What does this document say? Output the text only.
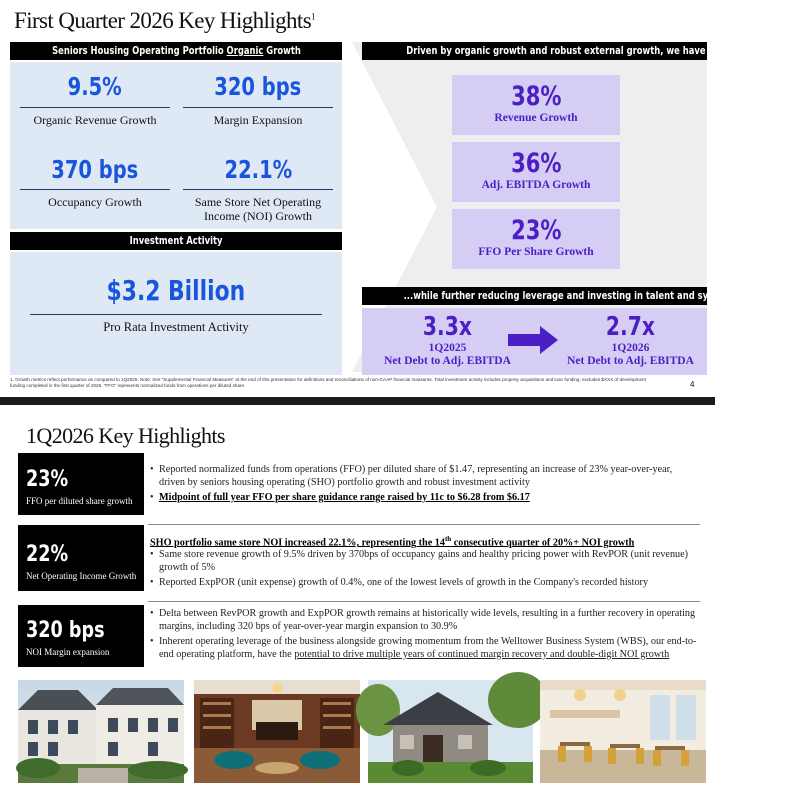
First Quarter 2026 Key Highlights$^1$
Seniors Housing Operating Portfolio Organic Growth
9.5%
Organic Revenue Growth
320 bps
Margin Expansion
370 bps
Occupancy Growth
22.1%
Same Store Net Operating Income (NOI) Growth
Investment Activity
$3.2 Billion
Pro Rata Investment Activity
Driven by organic growth and robust external growth, we have achieved...
38%
Revenue Growth
36%
Adj. EBITDA Growth
23%
FFO Per Share Growth
...while further reducing leverage and investing in talent and systems
3.3x
1Q2025
Net Debt to Adj. EBITDA
2.7x
1Q2026
Net Debt to Adj. EBITDA
1. Growth metrics reflect performance as compared to 1Q2025. Note: See "Supplemental Financial Measures" at the end of this presentation for definitions and reconciliations of non-GAAP financial measures. Total investment activity includes property acquisitions and loan funding; excludes $XXX of development funding completed in the first quarter of 2026. "FFO" represents normalized funds from operations per diluted share.	4
1Q2026 Key Highlights
23%
FFO per diluted share growth
• Reported normalized funds from operations (FFO) per diluted share of $1.47, representing an increase of 23% year-over-year, driven by seniors housing operating (SHO) portfolio growth and robust investment activity
• Midpoint of full year FFO per share guidance range raised by 11c to $6.28 from $6.17
22%
Net Operating Income Growth
SHO portfolio same store NOI increased 22.1%, representing the 14th consecutive quarter of 20%+ NOI growth
• Same store revenue growth of 9.5% driven by 370bps of occupancy gains and healthy pricing power with RevPOR (unit revenue) growth of 5%
• Reported ExpPOR (unit expense) growth of 0.4%, one of the lowest levels of growth in the Company's recorded history
320 bps
NOI Margin expansion
• Delta between RevPOR growth and ExpPOR growth remains at historically wide levels, resulting in a further recovery in operating margins, including 320 bps of year-over-year margin expansion to 30.9%
• Inherent operating leverage of the business alongside growing momentum from the Welltower Business System (WBS), our end-to-end operating platform, have the potential to drive multiple years of continued margin recovery and double-digit NOI growth
